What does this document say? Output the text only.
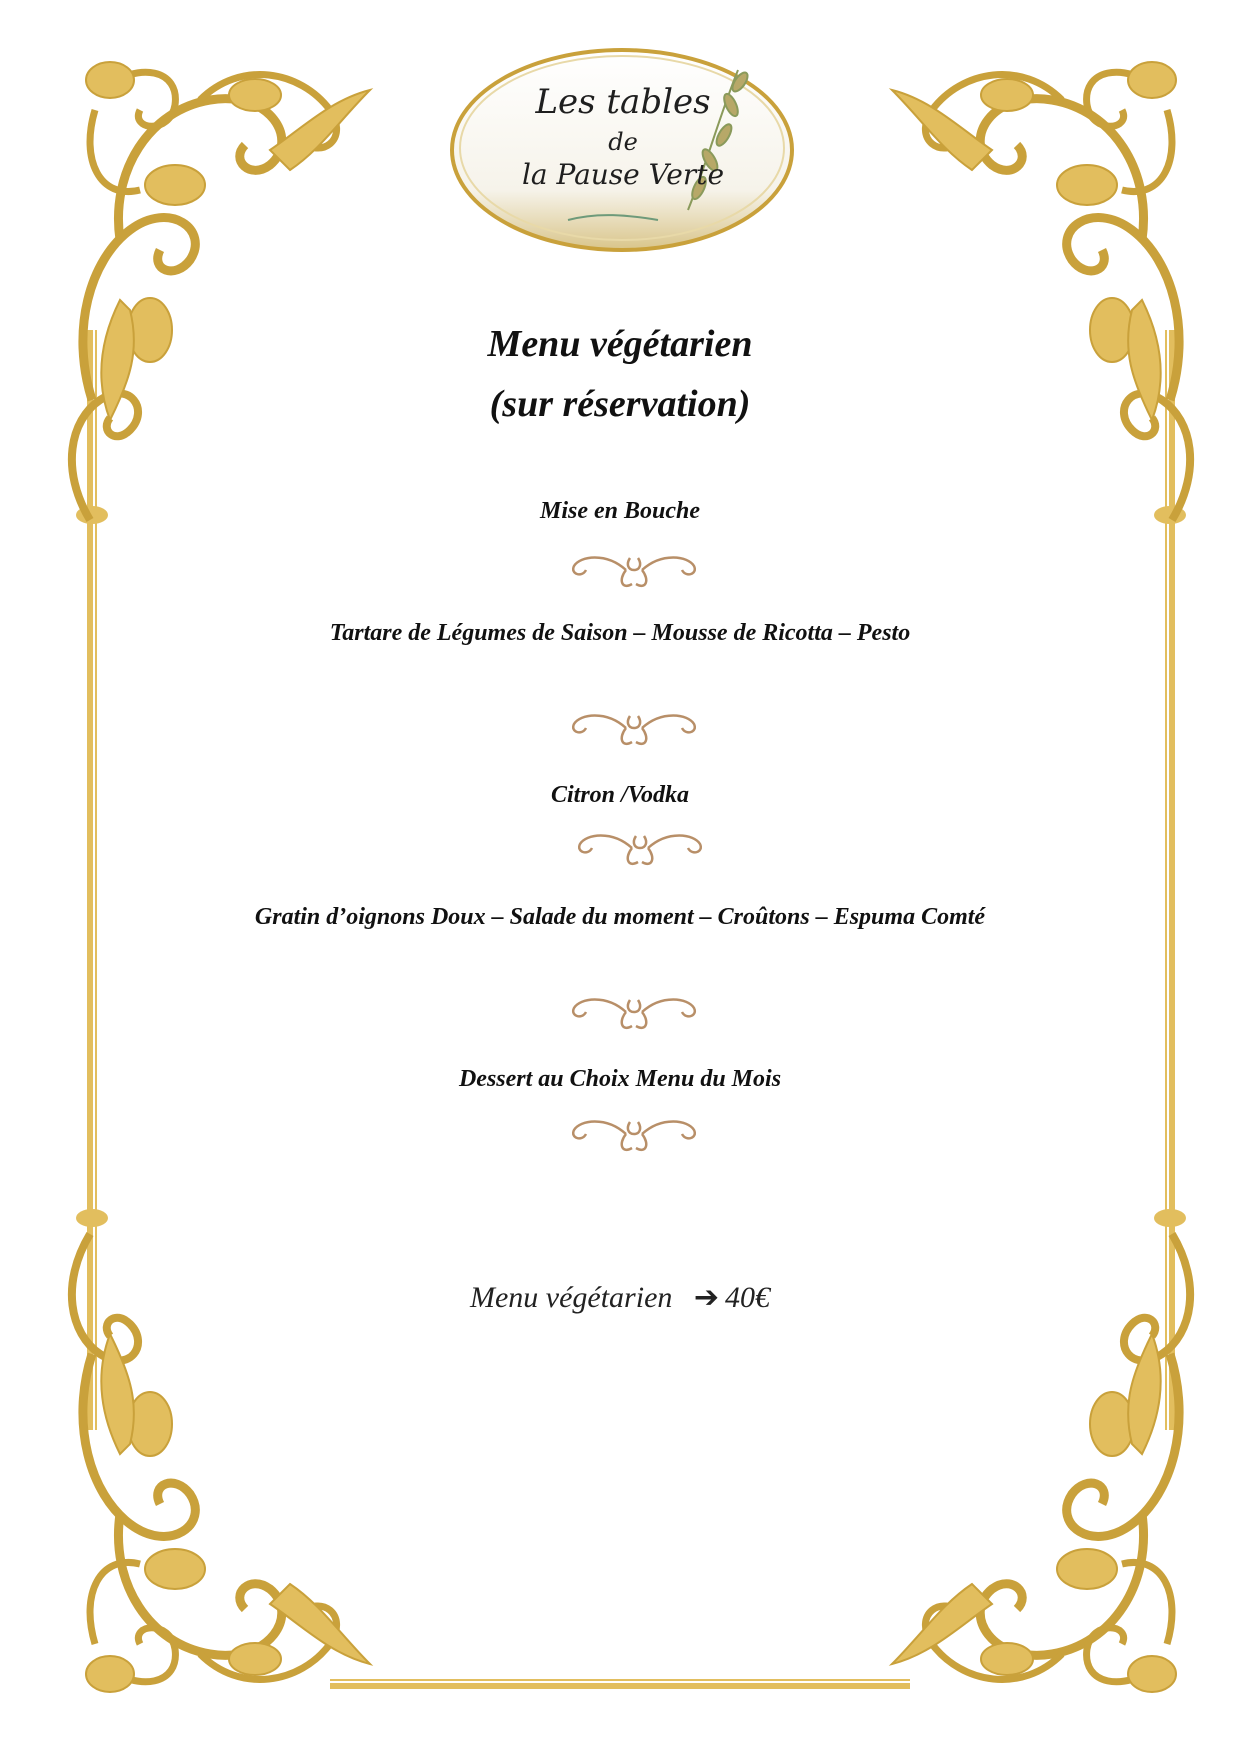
Les tables
de
la Pause Verte
Menu végétarien
(sur réservation)
Mise en Bouche
Tartare de Légumes de Saison – Mousse de Ricotta – Pesto
Citron /Vodka
Gratin d’oignons Doux – Salade du moment – Croûtons – Espuma Comté
Dessert au Choix Menu du Mois
Menu végétarien ➔ 40€
